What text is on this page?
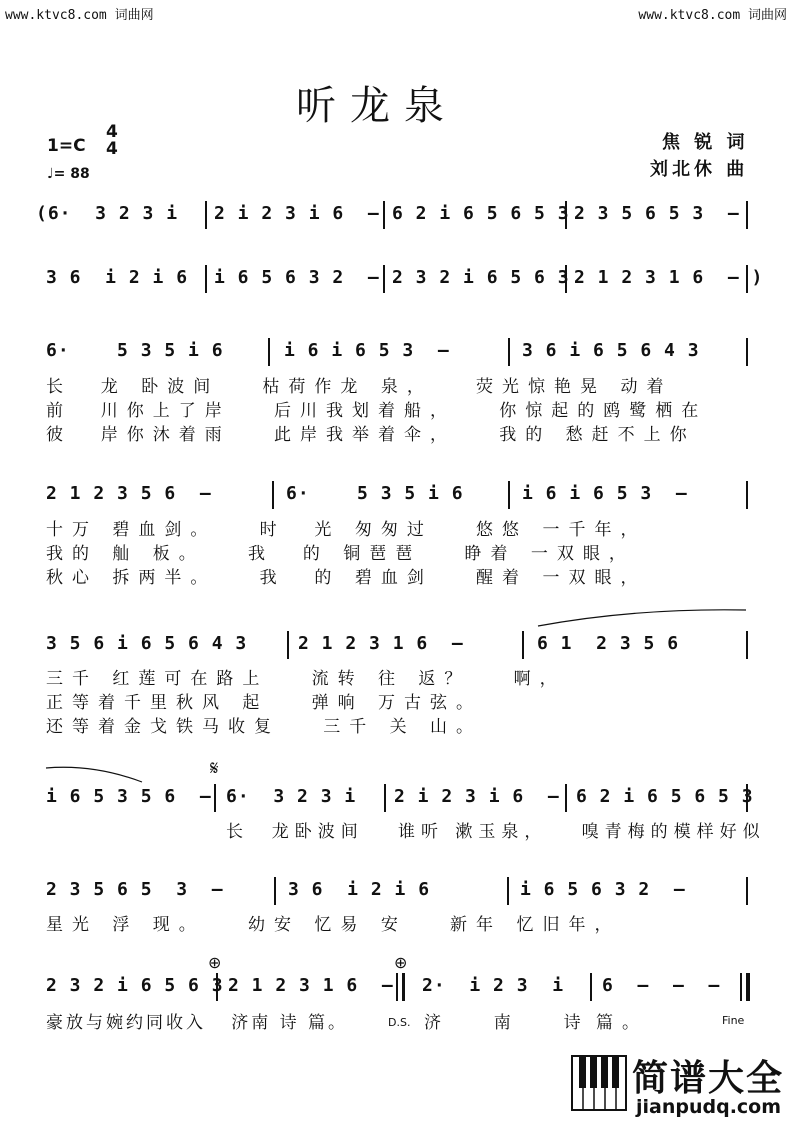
www.ktvc8.com 词曲网	www.ktvc8.com 词曲网
听龙泉
1=C
4
4
♩= 88
焦 锐 词
刘北休 曲
(6·  3 2 3 i 2 i 2 3 i 6  – 6 2 i 6 5 6 5 3 2 3 5 6 5 3  –
3 6  i 2 i 6 i 6 5 6 3 2  – 2 3 2 i 6 5 6 3 2 1 2 3 1 6  – )
6·    5 3 5 i 6	i 6 i 6 5 3  –	3 6 i 6 5 6 4 3
长  龙 卧波间   枯荷作龙 泉，   荧光惊艳晃 动着
前  川你上了岸   后川我划着船，   你惊起的鸥鹭栖在
彼  岸你沐着雨   此岸我举着伞，   我的 愁赶不上你
2 1 2 3 5 6  –	6·    5 3 5 i 6	i 6 i 6 5 3  –
十万 碧血剑。   时  光 匆匆过   悠悠 一千年，
我的 舢 板。   我  的 铜琶琶   睁着 一双眼，
秋心 拆两半。   我  的 碧血剑   醒着 一双眼，
3 5 6 i 6 5 6 4 3	2 1 2 3 1 6  –	6 1  2 3 5 6
三千 红莲可在路上   流转 往 返？   啊，
正等着千里秋风 起   弹响 万古弦。
还等着金戈铁马收复   三千 关 山。
i 6 5 3 5 6  –
𝄋
6·  3 2 3 i 2 i 2 3 i 6  – 6 2 i 6 5 6 5 3
长  龙卧波间   谁听 漱玉泉，   嗅青梅的模样好似
2 3 5 6 5  3  –	3 6  i 2 i 6	i 6 5 6 3 2  –
星光 浮 现。   幼安 忆易 安   新年 忆旧年，
2 3 2 i 6 5 6 3
⊕
2 1 2 3 1 6  –
⊕
2·  i 2 3  i 6  –  –  –
豪放与婉约同收入   济南 诗 篇。	D.S. 济  南  诗 篇。	Fine
简谱大全
jianpudq.com
